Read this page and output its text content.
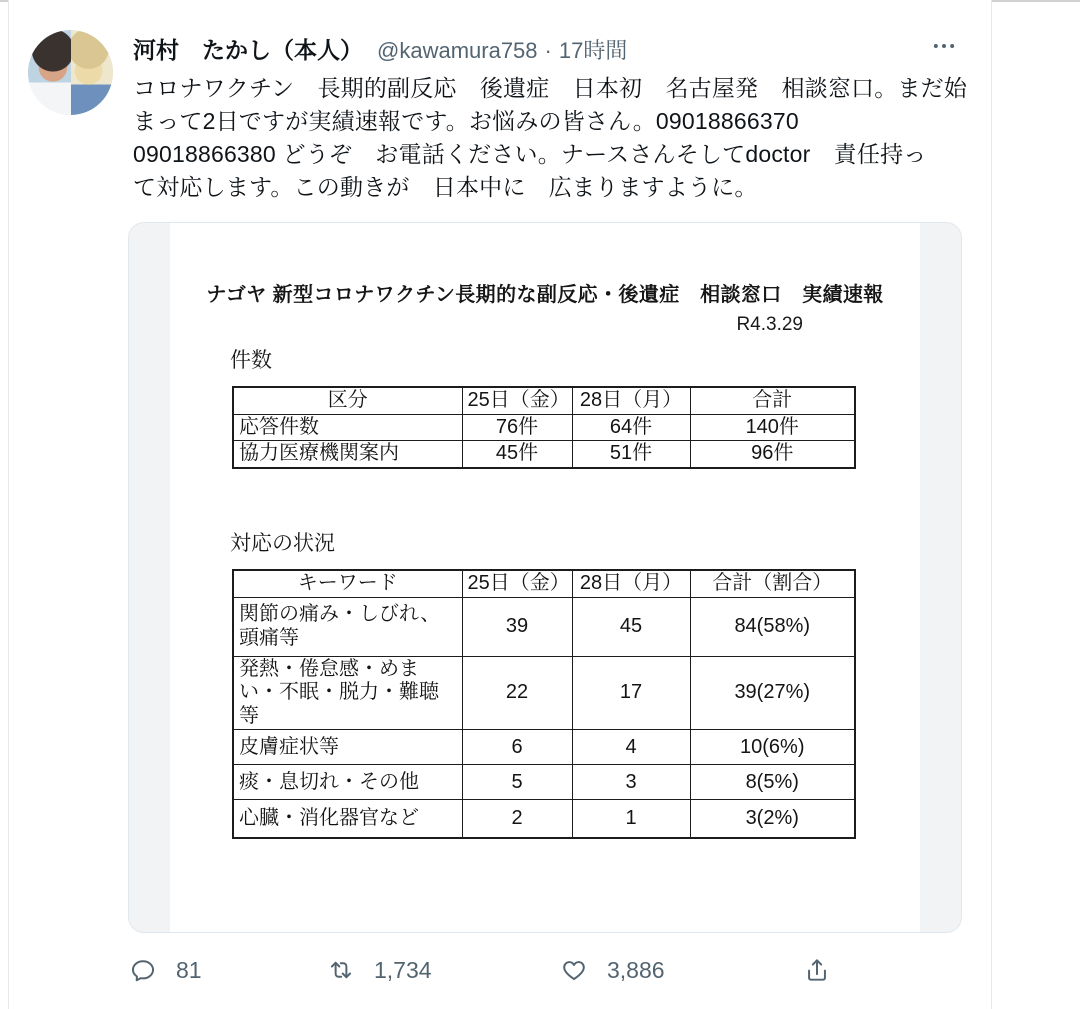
河村　たかし（本人） @kawamura758 · 17時間
コロナワクチン　長期的副反応　後遺症　日本初　名古屋発　相談窓口。まだ始
まって2日ですが実績速報です。お悩みの皆さん。09018866370
09018866380 どうぞ　お電話ください。ナースさんそしてdoctor　責任持っ
て対応します。この動きが　日本中に　広まりますように。
ナゴヤ 新型コロナワクチン長期的な副反応・後遺症　相談窓口　実績速報
R4.3.29
件数
区分	25日（金）	28日（月）	合計
応答件数	76件	64件	140件
協力医療機関案内	45件	51件	96件
対応の状況
キーワード	25日（金）	28日（月）	合計（割合）
関節の痛み・しびれ、頭痛等	39	45	84(58%)
発熱・倦怠感・めまい・不眠・脱力・難聴等	22	17	39(27%)
皮膚症状等	6	4	10(6%)
痰・息切れ・その他	5	3	8(5%)
心臓・消化器官など	2	1	3(2%)
81	1,734	3,886
